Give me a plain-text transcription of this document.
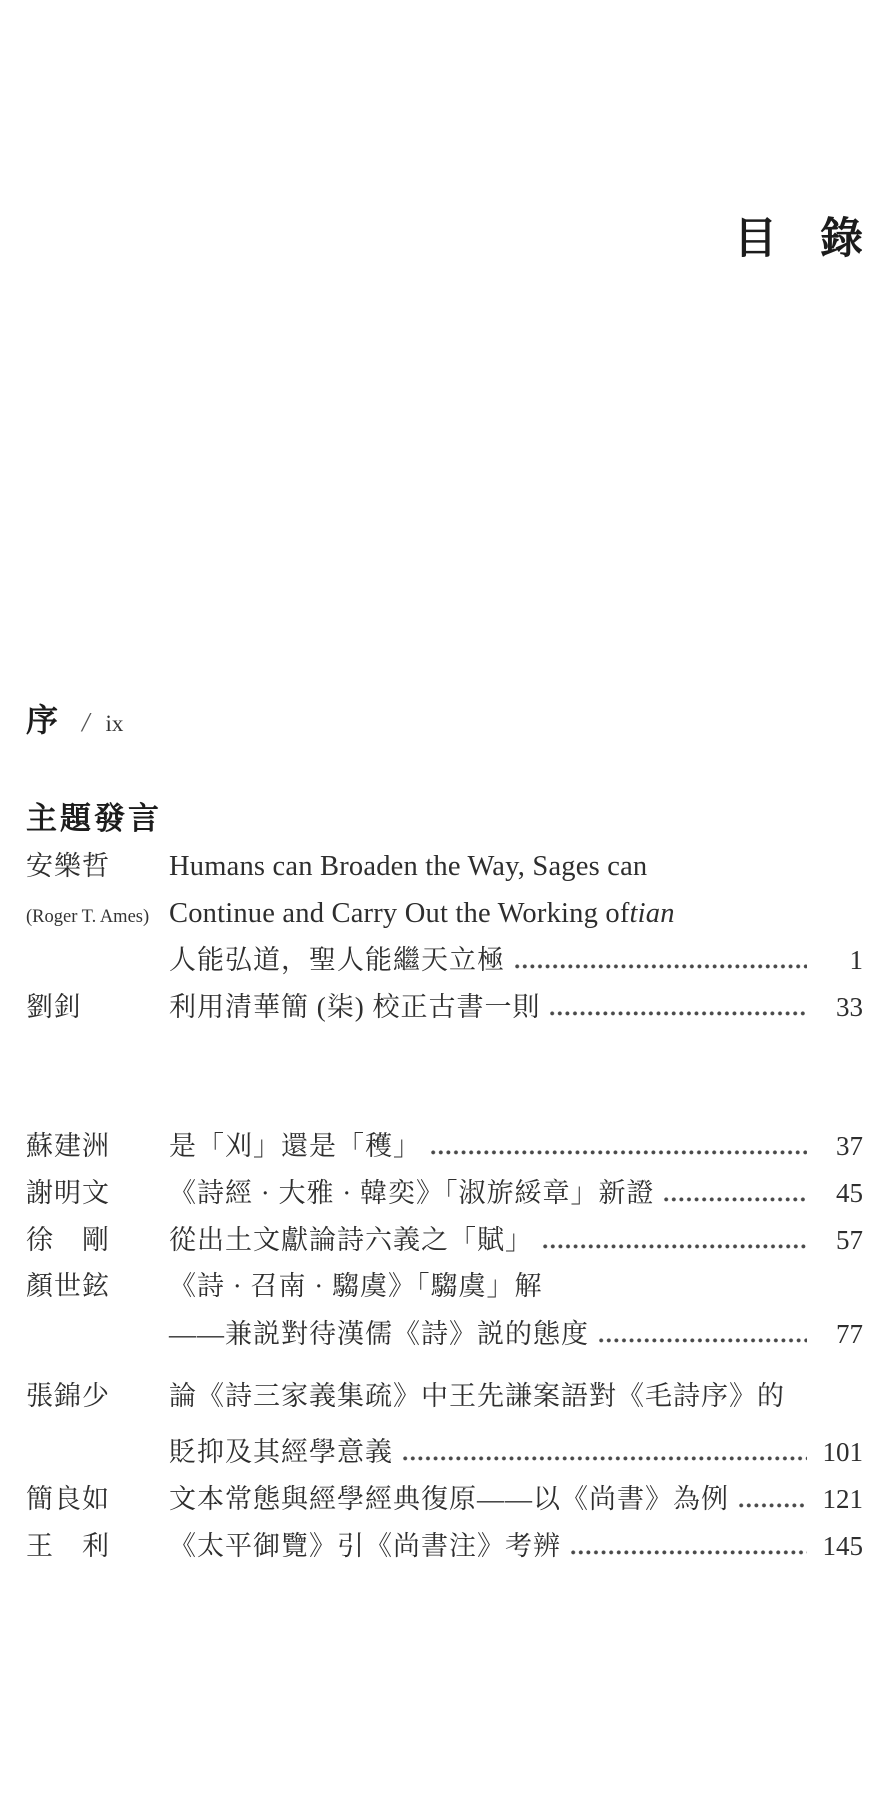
目　錄
序 / ix
主題發言
安樂哲	Humans can Broaden the Way, Sages can
(Roger T. Ames) Continue and Carry Out the Working of tian
人能弘道，聖人能繼天立極	1
劉釗	利用清華簡 (柒) 校正古書一則	33
蘇建洲	是「刈」還是「穫」	37
謝明文	《詩經 · 大雅 · 韓奕》「淑旂綏章」新證	45
徐　剛	從出土文獻論詩六義之「賦」	57
顏世鉉	《詩 · 召南 · 騶虞》「騶虞」解
——兼説對待漢儒《詩》説的態度	77
張錦少	論《詩三家義集疏》中王先謙案語對《毛詩序》的
貶抑及其經學意義	101
簡良如	文本常態與經學經典復原——以《尚書》為例	121
王　利	《太平御覽》引《尚書注》考辨	145
